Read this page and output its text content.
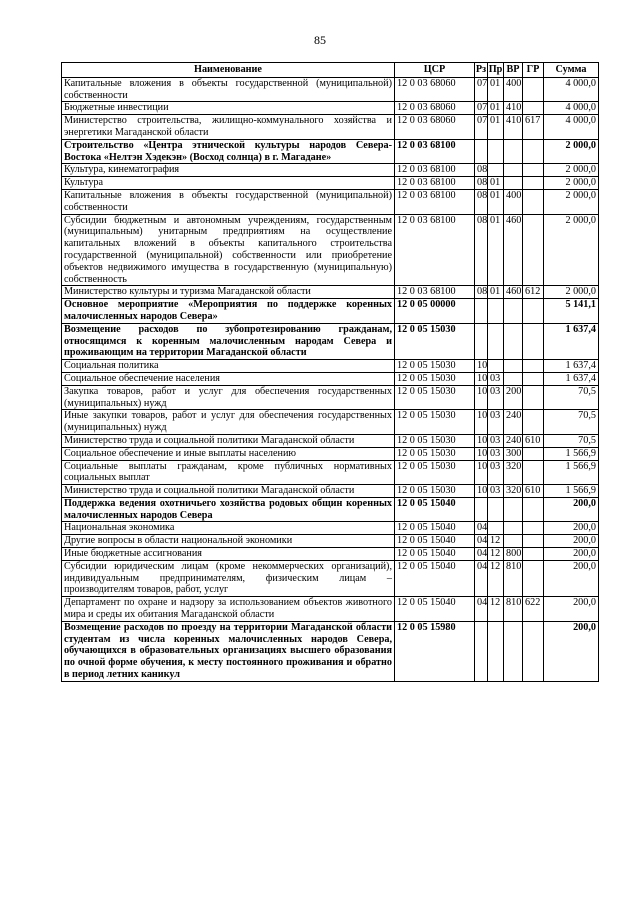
85
Наименование	ЦСР	Рз	Пр	ВР	ГР	Сумма
Капитальные вложения в объекты государственной (муниципальной) собственности	12 0 03 68060	07	01	400		4 000,0
Бюджетные инвестиции	12 0 03 68060	07	01	410		4 000,0
Министерство строительства, жилищно-коммунального хозяйства и энергетики Магаданской области	12 0 03 68060	07	01	410	617	4 000,0
Строительство «Центра этнической культуры народов Севера-Востока «Нелтэн Хэдекэн» (Восход солнца) в г. Магадане»	12 0 03 68100					2 000,0
Культура, кинематография	12 0 03 68100	08				2 000,0
Культура	12 0 03 68100	08	01			2 000,0
Капитальные вложения в объекты государственной (муниципальной) собственности	12 0 03 68100	08	01	400		2 000,0
Субсидии бюджетным и автономным учреждениям, государственным (муниципальным) унитарным предприятиям на осуществление капитальных вложений в объекты капитального строительства государственной (муниципальной) собственности или приобретение объектов недвижимого имущества в государственную (муниципальную) собственность	12 0 03 68100	08	01	460		2 000,0
Министерство культуры и туризма Магаданской области	12 0 03 68100	08	01	460	612	2 000,0
Основное мероприятие «Мероприятия по поддержке коренных малочисленных народов Севера»	12 0 05 00000					5 141,1
Возмещение расходов по зубопротезированию гражданам, относящимся к коренным малочисленным народам Севера и проживающим на территории Магаданской области	12 0 05 15030					1 637,4
Социальная политика	12 0 05 15030	10				1 637,4
Социальное обеспечение населения	12 0 05 15030	10	03			1 637,4
Закупка товаров, работ и услуг для обеспечения государственных (муниципальных) нужд	12 0 05 15030	10	03	200		70,5
Иные закупки товаров, работ и услуг для обеспечения государственных (муниципальных) нужд	12 0 05 15030	10	03	240		70,5
Министерство труда и социальной политики Магаданской области	12 0 05 15030	10	03	240	610	70,5
Социальное обеспечение и иные выплаты населению	12 0 05 15030	10	03	300		1 566,9
Социальные выплаты гражданам, кроме публичных нормативных социальных выплат	12 0 05 15030	10	03	320		1 566,9
Министерство труда и социальной политики Магаданской области	12 0 05 15030	10	03	320	610	1 566,9
Поддержка ведения охотничьего хозяйства родовых общин коренных малочисленных народов Севера	12 0 05 15040					200,0
Национальная экономика	12 0 05 15040	04				200,0
Другие вопросы в области национальной экономики	12 0 05 15040	04	12			200,0
Иные бюджетные ассигнования	12 0 05 15040	04	12	800		200,0
Субсидии юридическим лицам (кроме некоммерческих организаций), индивидуальным предпринимателям, физическим лицам – производителям товаров, работ, услуг	12 0 05 15040	04	12	810		200,0
Департамент по охране и надзору за использованием объектов животного мира и среды их обитания Магаданской области	12 0 05 15040	04	12	810	622	200,0
Возмещение расходов по проезду на территории Магаданской области студентам из числа коренных малочисленных народов Севера, обучающихся в образовательных организациях высшего образования по очной форме обучения, к месту постоянного проживания и обратно в период летних каникул	12 0 05 15980					200,0
